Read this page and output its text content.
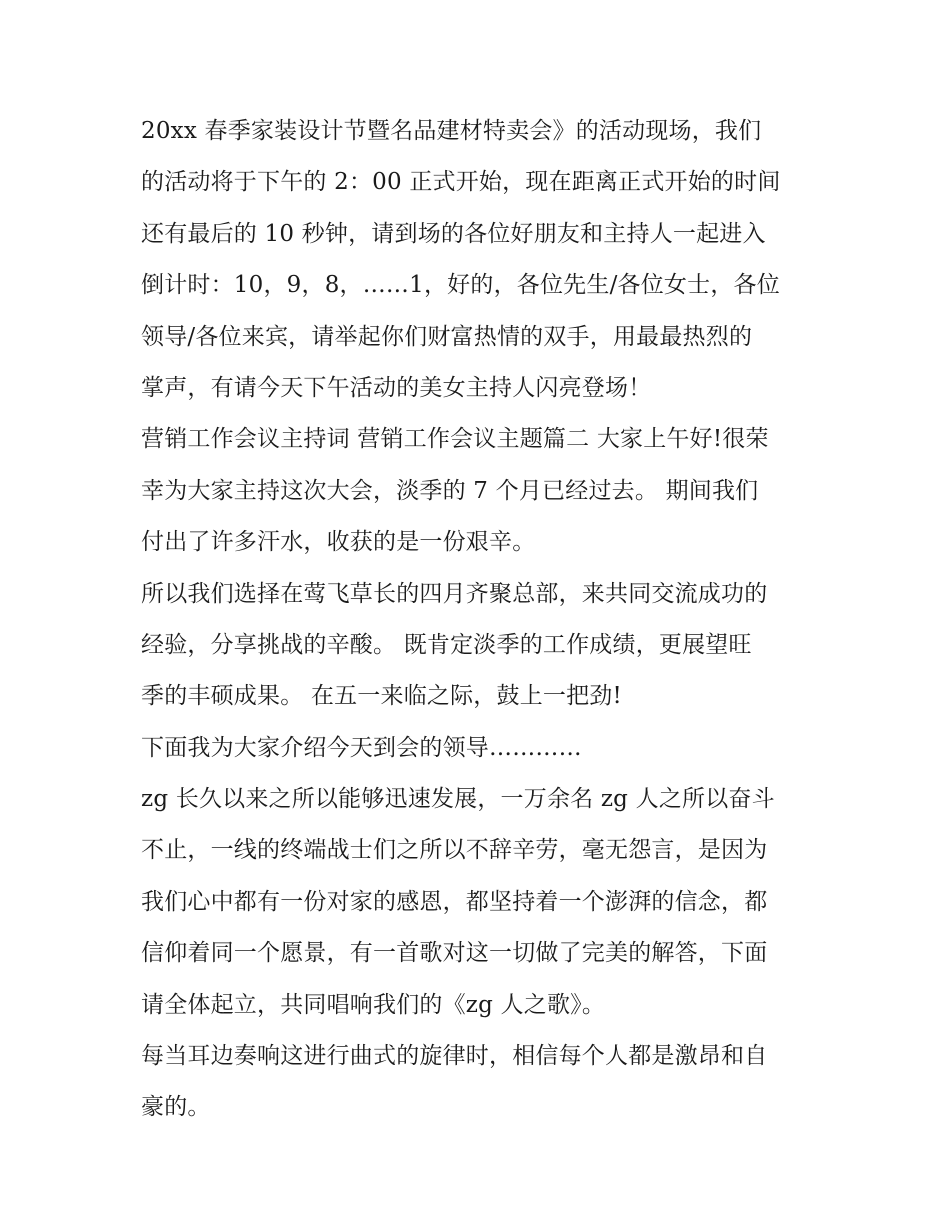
20xx 春季家装设计节暨名品建材特卖会》的活动现场，我们
的活动将于下午的 2：00 正式开始，现在距离正式开始的时间
还有最后的 10 秒钟，请到场的各位好朋友和主持人一起进入
倒计时：10，9，8，……1，好的，各位先生/各位女士，各位
领导/各位来宾，请举起你们财富热情的双手，用最最热烈的
掌声，有请今天下午活动的美女主持人闪亮登场！
营销工作会议主持词 营销工作会议主题篇二 大家上午好!很荣
幸为大家主持这次大会，淡季的 7 个月已经过去。 期间我们
付出了许多汗水，收获的是一份艰辛。
所以我们选择在莺飞草长的四月齐聚总部，来共同交流成功的
经验，分享挑战的辛酸。 既肯定淡季的工作成绩，更展望旺
季的丰硕成果。 在五一来临之际，鼓上一把劲!
下面我为大家介绍今天到会的领导…………
zg 长久以来之所以能够迅速发展，一万余名 zg 人之所以奋斗
不止，一线的终端战士们之所以不辞辛劳，毫无怨言，是因为
我们心中都有一份对家的感恩，都坚持着一个澎湃的信念，都
信仰着同一个愿景，有一首歌对这一切做了完美的解答，下面
请全体起立，共同唱响我们的《zg 人之歌》。
每当耳边奏响这进行曲式的旋律时，相信每个人都是激昂和自
豪的。
